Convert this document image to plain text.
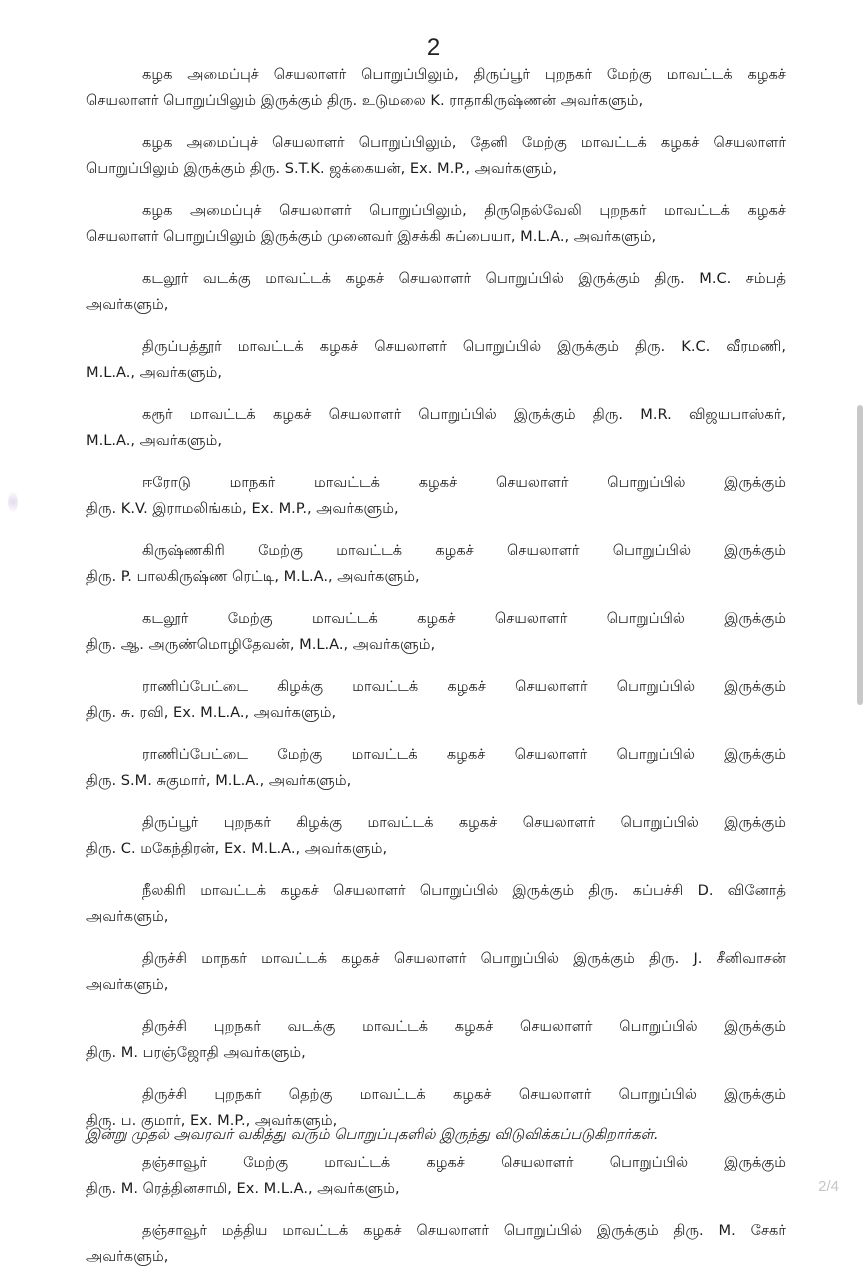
2
கழக அமைப்புச் செயலாளர் பொறுப்பிலும், திருப்பூர் புறநகர் மேற்கு மாவட்டக் கழகச்
செயலாளர் பொறுப்பிலும் இருக்கும் திரு. உடுமலை K. ராதாகிருஷ்ணன் அவர்களும்,
கழக அமைப்புச் செயலாளர் பொறுப்பிலும், தேனி மேற்கு மாவட்டக் கழகச் செயலாளர்
பொறுப்பிலும் இருக்கும் திரு. S.T.K. ஜக்கையன், Ex. M.P., அவர்களும்,
கழக அமைப்புச் செயலாளர் பொறுப்பிலும், திருநெல்வேலி புறநகர் மாவட்டக் கழகச்
செயலாளர் பொறுப்பிலும் இருக்கும் முனைவர் இசக்கி சுப்பையா, M.L.A., அவர்களும்,
கடலூர் வடக்கு மாவட்டக் கழகச் செயலாளர் பொறுப்பில் இருக்கும் திரு. M.C. சம்பத்
அவர்களும்,
திருப்பத்தூர் மாவட்டக் கழகச் செயலாளர் பொறுப்பில் இருக்கும் திரு. K.C. வீரமணி,
M.L.A., அவர்களும்,
கரூர் மாவட்டக் கழகச் செயலாளர் பொறுப்பில் இருக்கும் திரு. M.R. விஜயபாஸ்கர்,
M.L.A., அவர்களும்,
ஈரோடு மாநகர் மாவட்டக் கழகச் செயலாளர் பொறுப்பில் இருக்கும்
திரு. K.V. இராமலிங்கம், Ex. M.P., அவர்களும்,
கிருஷ்ணகிரி மேற்கு மாவட்டக் கழகச் செயலாளர் பொறுப்பில் இருக்கும்
திரு. P. பாலகிருஷ்ண ரெட்டி, M.L.A., அவர்களும்,
கடலூர் மேற்கு மாவட்டக் கழகச் செயலாளர் பொறுப்பில் இருக்கும்
திரு. ஆ. அருண்மொழிதேவன், M.L.A., அவர்களும்,
ராணிப்பேட்டை கிழக்கு மாவட்டக் கழகச் செயலாளர் பொறுப்பில் இருக்கும்
திரு. சு. ரவி, Ex. M.L.A., அவர்களும்,
ராணிப்பேட்டை மேற்கு மாவட்டக் கழகச் செயலாளர் பொறுப்பில் இருக்கும்
திரு. S.M. சுகுமார், M.L.A., அவர்களும்,
திருப்பூர் புறநகர் கிழக்கு மாவட்டக் கழகச் செயலாளர் பொறுப்பில் இருக்கும்
திரு. C. மகேந்திரன், Ex. M.L.A., அவர்களும்,
நீலகிரி மாவட்டக் கழகச் செயலாளர் பொறுப்பில் இருக்கும் திரு. கப்பச்சி D. வினோத்
அவர்களும்,
திருச்சி மாநகர் மாவட்டக் கழகச் செயலாளர் பொறுப்பில் இருக்கும் திரு. J. சீனிவாசன்
அவர்களும்,
திருச்சி புறநகர் வடக்கு மாவட்டக் கழகச் செயலாளர் பொறுப்பில் இருக்கும்
திரு. M. பரஞ்ஜோதி அவர்களும்,
திருச்சி புறநகர் தெற்கு மாவட்டக் கழகச் செயலாளர் பொறுப்பில் இருக்கும்
திரு. ப. குமார், Ex. M.P., அவர்களும்,
தஞ்சாவூர் மேற்கு மாவட்டக் கழகச் செயலாளர் பொறுப்பில் இருக்கும்
திரு. M. ரெத்தினசாமி, Ex. M.L.A., அவர்களும்,
தஞ்சாவூர் மத்திய மாவட்டக் கழகச் செயலாளர் பொறுப்பில் இருக்கும் திரு. M. சேகர்
அவர்களும்,
இன்று முதல் அவரவர் வகித்து வரும் பொறுப்புகளில் இருந்து விடுவிக்கப்படுகிறார்கள்.
2/4
